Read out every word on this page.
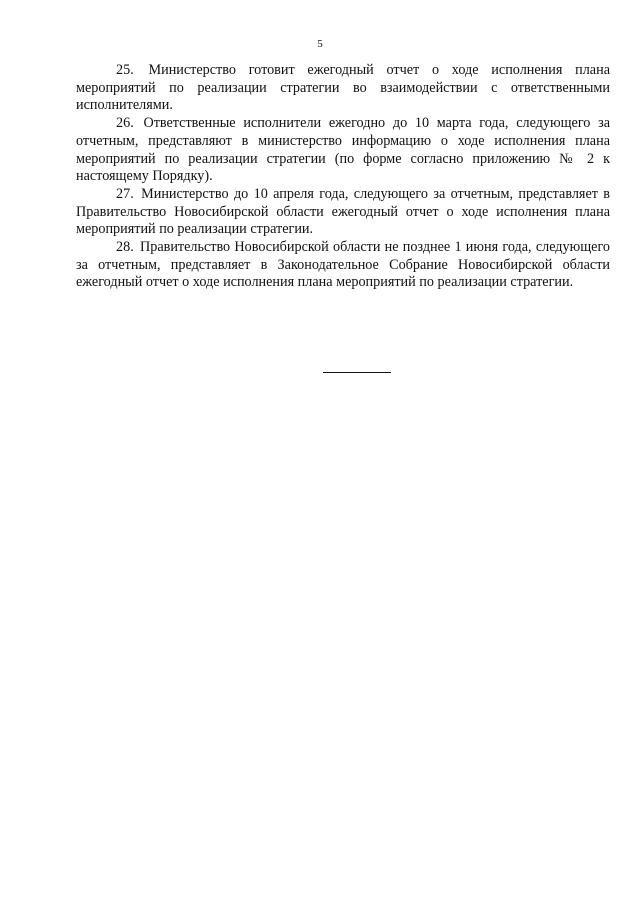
5

25. Министерство готовит ежегодный отчет о ходе исполнения плана мероприятий по реализации стратегии во взаимодействии с ответственными исполнителями.

26. Ответственные исполнители ежегодно до 10 марта года, следующего за отчетным, представляют в министерство информацию о ходе исполнения плана мероприятий по реализации стратегии (по форме согласно приложению № 2 к настоящему Порядку).

27. Министерство до 10 апреля года, следующего за отчетным, представляет в Правительство Новосибирской области ежегодный отчет о ходе исполнения плана мероприятий по реализации стратегии.

28. Правительство Новосибирской области не позднее 1 июня года, следующего за отчетным, представляет в Законодательное Собрание Новосибирской области ежегодный отчет о ходе исполнения плана мероприятий по реализации стратегии.
